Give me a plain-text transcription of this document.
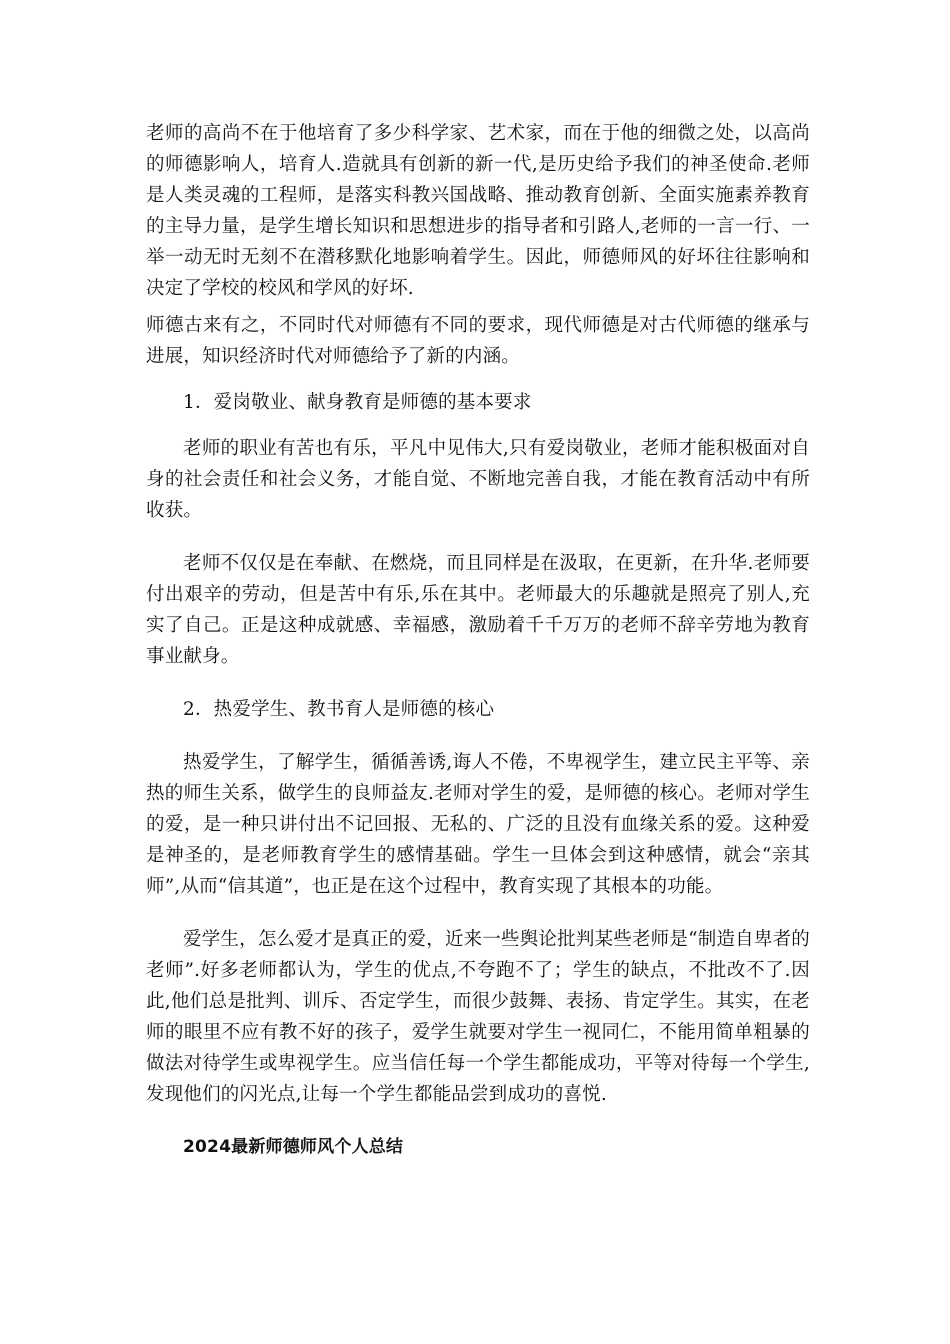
老师的高尚不在于他培育了多少科学家、艺术家，而在于他的细微之处，以高尚的师德影响人，培育人.造就具有创新的新一代,是历史给予我们的神圣使命.老师是人类灵魂的工程师，是落实科教兴国战略、推动教育创新、全面实施素养教育的主导力量，是学生增长知识和思想进步的指导者和引路人,老师的一言一行、一举一动无时无刻不在潜移默化地影响着学生。因此，师德师风的好坏往往影响和决定了学校的校风和学风的好坏.

师德古来有之，不同时代对师德有不同的要求，现代师德是对古代师德的继承与进展，知识经济时代对师德给予了新的内涵。

1．爱岗敬业、献身教育是师德的基本要求

老师的职业有苦也有乐，平凡中见伟大,只有爱岗敬业，老师才能积极面对自身的社会责任和社会义务，才能自觉、不断地完善自我，才能在教育活动中有所收获。

老师不仅仅是在奉献、在燃烧，而且同样是在汲取，在更新，在升华.老师要付出艰辛的劳动，但是苦中有乐,乐在其中。老师最大的乐趣就是照亮了别人,充实了自己。正是这种成就感、幸福感，激励着千千万万的老师不辞辛劳地为教育事业献身。

2．热爱学生、教书育人是师德的核心

热爱学生，了解学生，循循善诱,诲人不倦，不卑视学生，建立民主平等、亲热的师生关系，做学生的良师益友.老师对学生的爱，是师德的核心。老师对学生的爱，是一种只讲付出不记回报、无私的、广泛的且没有血缘关系的爱。这种爱是神圣的，是老师教育学生的感情基础。学生一旦体会到这种感情，就会“亲其师”,从而“信其道”，也正是在这个过程中，教育实现了其根本的功能。

爱学生，怎么爱才是真正的爱，近来一些舆论批判某些老师是“制造自卑者的老师”.好多老师都认为，学生的优点,不夸跑不了；学生的缺点，不批改不了.因此,他们总是批判、训斥、否定学生，而很少鼓舞、表扬、肯定学生。其实，在老师的眼里不应有教不好的孩子，爱学生就要对学生一视同仁，不能用简单粗暴的做法对待学生或卑视学生。应当信任每一个学生都能成功，平等对待每一个学生,发现他们的闪光点,让每一个学生都能品尝到成功的喜悦.

2024最新师德师风个人总结
